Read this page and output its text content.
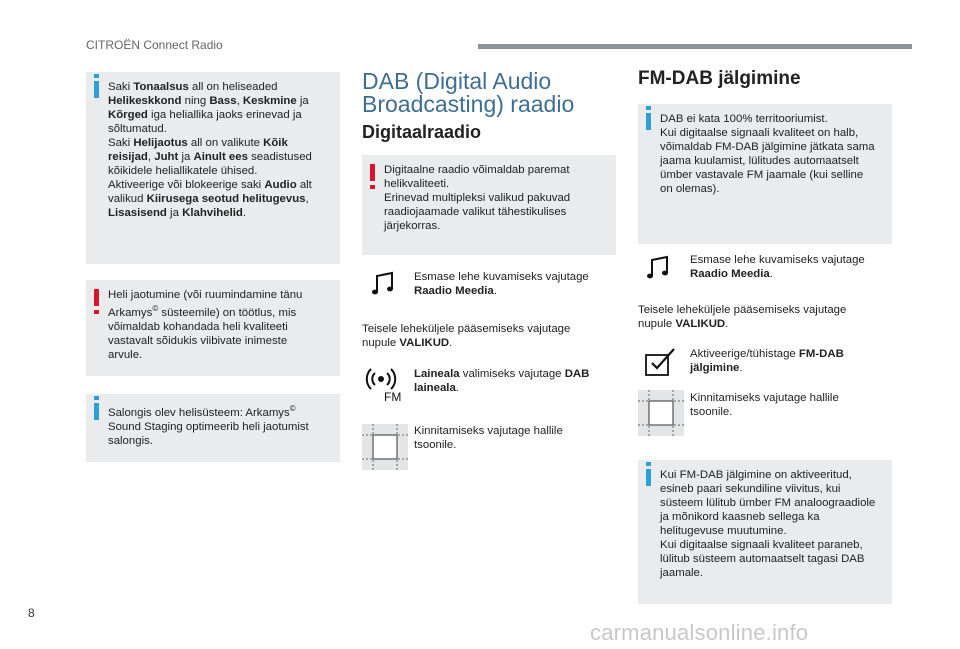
CITROËN Connect Radio
Saki Tonaalsus all on heliseaded
Helikeskkond ning Bass, Keskmine ja
Kõrged iga heliallika jaoks erinevad ja
sõltumatud.
Saki Helijaotus all on valikute Kõik
reisijad, Juht ja Ainult ees seadistused
kõikidele heliallikatele ühised.
Aktiveerige või blokeerige saki Audio alt
valikud Kiirusega seotud helitugevus,
Lisasisend ja Klahvihelid.
Heli jaotumine (või ruumindamine tänu
Arkamys© süsteemile) on töötlus, mis
võimaldab kohandada heli kvaliteeti
vastavalt sõidukis viibivate inimeste
arvule.
Salongis olev helisüsteem: Arkamys©
Sound Staging optimeerib heli jaotumist
salongis.
DAB (Digital Audio
Broadcasting) raadio
Digitaalraadio
Digitaalne raadio võimaldab paremat
helikvaliteeti.
Erinevad multipleksi valikud pakuvad
raadiojaamade valikut tähestikulises
järjekorras.
Esmase lehe kuvamiseks vajutage
Raadio Meedia.
Teisele leheküljele pääsemiseks vajutage
nupule VALIKUD.
FM
Laineala valimiseks vajutage DAB
laineala.
Kinnitamiseks vajutage hallile
tsoonile.
FM-DAB jälgimine
DAB ei kata 100% territooriumist.
Kui digitaalse signaali kvaliteet on halb,
võimaldab FM-DAB jälgimine jätkata sama
jaama kuulamist, lülitudes automaatselt
ümber vastavale FM jaamale (kui selline
on olemas).
Esmase lehe kuvamiseks vajutage
Raadio Meedia.
Teisele leheküljele pääsemiseks vajutage
nupule VALIKUD.
Aktiveerige/tühistage FM-DAB
jälgimine.
Kinnitamiseks vajutage hallile
tsoonile.
Kui FM-DAB jälgimine on aktiveeritud,
esineb paari sekundiline viivitus, kui
süsteem lülitub ümber FM analoograadiole
ja mõnikord kaasneb sellega ka
helitugevuse muutumine.
Kui digitaalse signaali kvaliteet paraneb,
lülitub süsteem automaatselt tagasi DAB
jaamale.
8
carmanualsonline.info
